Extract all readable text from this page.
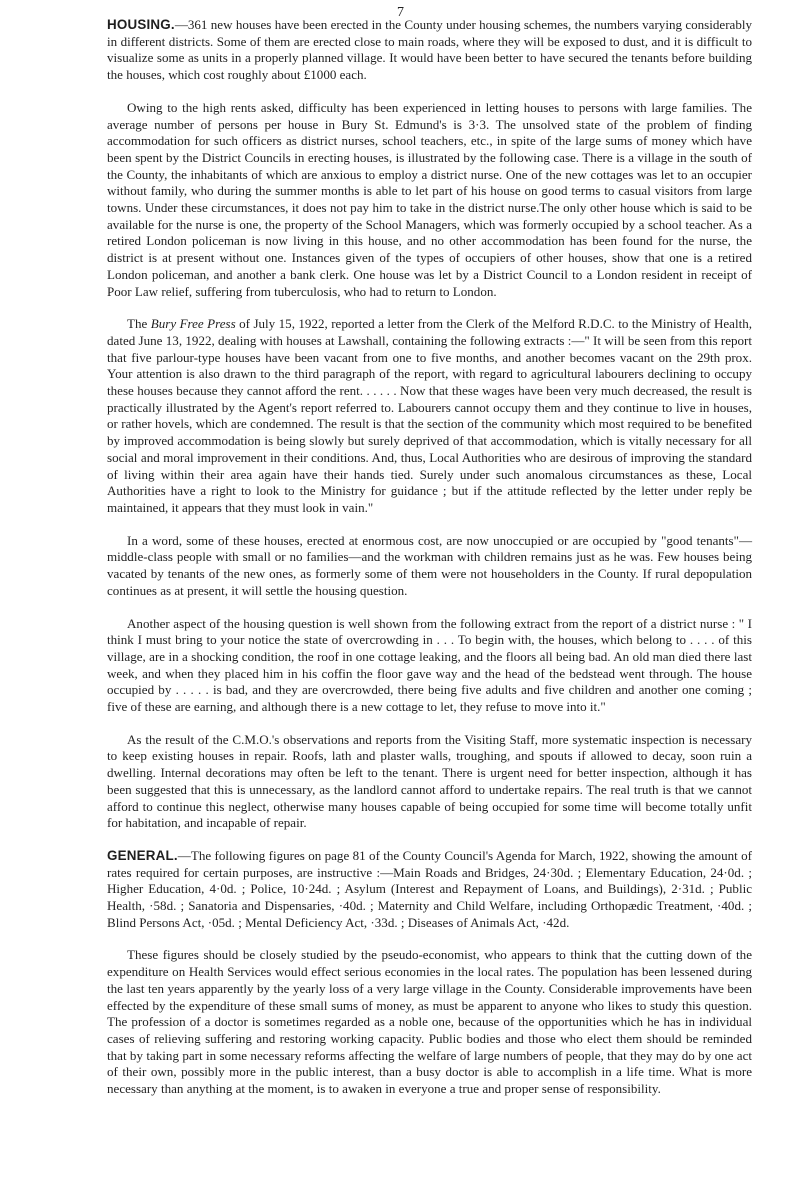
7

HOUSING.—361 new houses have been erected in the County under housing schemes, the numbers varying considerably in different districts. Some of them are erected close to main roads, where they will be exposed to dust, and it is difficult to visualize some as units in a properly planned village. It would have been better to have secured the tenants before building the houses, which cost roughly about £1000 each.

Owing to the high rents asked, difficulty has been experienced in letting houses to persons with large families. The average number of persons per house in Bury St. Edmund's is 3·3. The unsolved state of the problem of finding accommodation for such officers as district nurses, school teachers, etc., in spite of the large sums of money which have been spent by the District Councils in erecting houses, is illustrated by the following case. There is a village in the south of the County, the inhabitants of which are anxious to employ a district nurse. One of the new cottages was let to an occupier without family, who during the summer months is able to let part of his house on good terms to casual visitors from large towns. Under these circumstances, it does not pay him to take in the district nurse.The only other house which is said to be available for the nurse is one, the property of the School Managers, which was formerly occupied by a school teacher. As a retired London policeman is now living in this house, and no other accommodation has been found for the nurse, the district is at present without one. Instances given of the types of occupiers of other houses, show that one is a retired London policeman, and another a bank clerk. One house was let by a District Council to a London resident in receipt of Poor Law relief, suffering from tuberculosis, who had to return to London.

The Bury Free Press of July 15, 1922, reported a letter from the Clerk of the Melford R.D.C. to the Ministry of Health, dated June 13, 1922, dealing with houses at Lawshall, containing the following extracts :—" It will be seen from this report that five parlour-type houses have been vacant from one to five months, and another becomes vacant on the 29th prox. Your attention is also drawn to the third paragraph of the report, with regard to agricultural labourers declining to occupy these houses because they cannot afford the rent. . . . . . Now that these wages have been very much decreased, the result is practically illustrated by the Agent's report referred to. Labourers cannot occupy them and they continue to live in houses, or rather hovels, which are condemned. The result is that the section of the community which most required to be benefited by improved accommodation is being slowly but surely deprived of that accommodation, which is vitally necessary for all social and moral improvement in their conditions. And, thus, Local Authorities who are desirous of improving the standard of living within their area again have their hands tied. Surely under such anomalous circumstances as these, Local Authorities have a right to look to the Ministry for guidance ; but if the attitude reflected by the letter under reply be maintained, it appears that they must look in vain."

In a word, some of these houses, erected at enormous cost, are now unoccupied or are occupied by "good tenants"—middle-class people with small or no families—and the workman with children remains just as he was. Few houses being vacated by tenants of the new ones, as formerly some of them were not householders in the County. If rural depopulation continues as at present, it will settle the housing question.

Another aspect of the housing question is well shown from the following extract from the report of a district nurse : " I think I must bring to your notice the state of overcrowding in . . . To begin with, the houses, which belong to . . . . of this village, are in a shocking condition, the roof in one cottage leaking, and the floors all being bad. An old man died there last week, and when they placed him in his coffin the floor gave way and the head of the bedstead went through. The house occupied by . . . . . is bad, and they are overcrowded, there being five adults and five children and another one coming ; five of these are earning, and although there is a new cottage to let, they refuse to move into it."

As the result of the C.M.O.'s observations and reports from the Visiting Staff, more systematic inspection is necessary to keep existing houses in repair. Roofs, lath and plaster walls, troughing, and spouts if allowed to decay, soon ruin a dwelling. Internal decorations may often be left to the tenant. There is urgent need for better inspection, although it has been suggested that this is unnecessary, as the landlord cannot afford to undertake repairs. The real truth is that we cannot afford to continue this neglect, otherwise many houses capable of being occupied for some time will become totally unfit for habitation, and incapable of repair.

GENERAL.—The following figures on page 81 of the County Council's Agenda for March, 1922, showing the amount of rates required for certain purposes, are instructive :—Main Roads and Bridges, 24·30d. ; Elementary Education, 24·0d. ; Higher Education, 4·0d. ; Police, 10·24d. ; Asylum (Interest and Repayment of Loans, and Buildings), 2·31d. ; Public Health, ·58d. ; Sanatoria and Dispensaries, ·40d. ; Maternity and Child Welfare, including Orthopædic Treatment, ·40d. ; Blind Persons Act, ·05d. ; Mental Deficiency Act, ·33d. ; Diseases of Animals Act, ·42d.

These figures should be closely studied by the pseudo-economist, who appears to think that the cutting down of the expenditure on Health Services would effect serious economies in the local rates. The population has been lessened during the last ten years apparently by the yearly loss of a very large village in the County. Considerable improvements have been effected by the expenditure of these small sums of money, as must be apparent to anyone who likes to study this question. The profession of a doctor is sometimes regarded as a noble one, because of the opportunities which he has in individual cases of relieving suffering and restoring working capacity. Public bodies and those who elect them should be reminded that by taking part in some necessary reforms affecting the welfare of large numbers of people, that they may do by one act of their own, possibly more in the public interest, than a busy doctor is able to accomplish in a life time. What is more necessary than anything at the moment, is to awaken in everyone a true and proper sense of responsibility.
